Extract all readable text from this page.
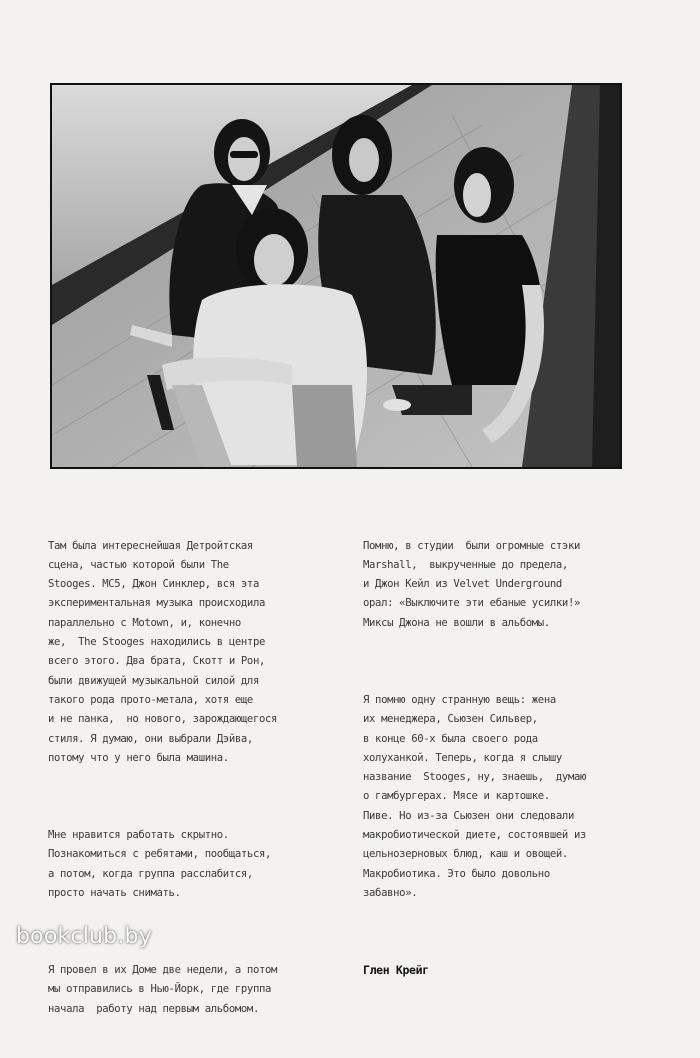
Там была интереснейшая Детройтская
сцена, частью которой были The
Stooges. MC5, Джон Синклер, вся эта
экспериментальная музыка происходила
параллельно с Motown, и, конечно
же,  The Stooges находились в центре
всего этого. Два брата, Скотт и Рон,
были движущей музыкальной силой для
такого рода прото-метала, хотя еще
и не панка,  но нового, зарождающегося
стиля. Я думаю, они выбрали Дэйва,
потому что у него была машина.

Мне нравится работать скрытно.
Познакомиться с ребятами, пообщаться,
а потом, когда группа расслабится,
просто начать снимать.

Я провел в их Доме две недели, а потом
мы отправились в Нью-Йорк, где группа
начала  работу над первым альбомом.

Помню, в студии  были огромные стэки
Marshall,  выкрученные до предела,
и Джон Кейл из Velvet Underground
орал: «Выключите эти ебаные усилки!»
Миксы Джона не вошли в альбомы.

Я помню одну странную вещь: жена
их менеджера, Сьюзен Сильвер,
в конце 60-х была своего рода
холуханкой. Теперь, когда я слышу
название  Stooges, ну, знаешь,  думаю
о гамбургерах. Мясе и картошке.
Пиве. Но из-за Сьюзен они следовали
макробиотической диете, состоявшей из
цельнозерновых блюд, каш и овощей.
Макробиотика. Это было довольно
забавно».

Глен Крейг

bookclub.by
